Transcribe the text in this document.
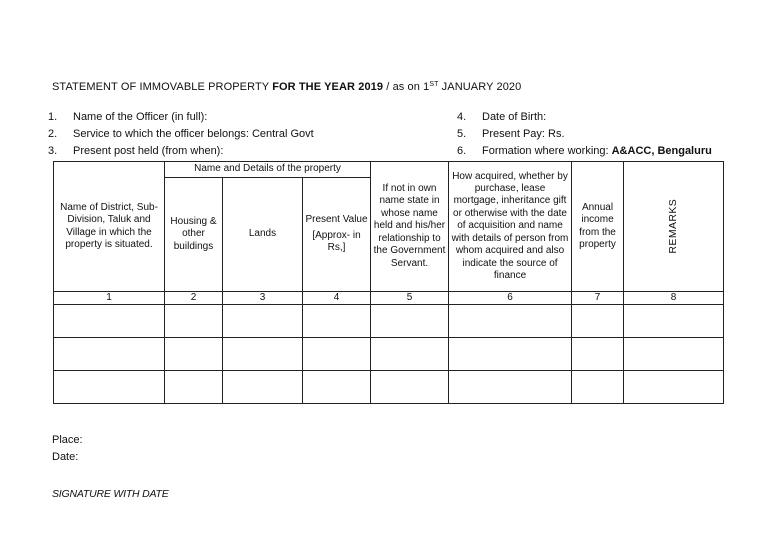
STATEMENT OF IMMOVABLE PROPERTY FOR THE YEAR 2019 / as on 1ST JANUARY 2020
1. Name of the Officer (in full):
2. Service to which the officer belongs: Central Govt
3. Present post held (from when):
4. Date of Birth:
5. Present Pay: Rs.
6. Formation where working: A&ACC, Bengaluru
Name of District, Sub-Division, Taluk and Village in which the property is situated.	Name and Details of the property			If not in own name state in whose name held and his/her relationship to the Government Servant.	How acquired, whether by purchase, lease mortgage, inheritance gift or otherwise with the date of acquisition and name with details of person from whom acquired and also indicate the source of finance	Annual income from the property	REMARKS
	Housing & other buildings	Lands	Present Value
[Approx- in Rs,]				

1	2	3	4	5	6	7	8

Place:
Date:
SIGNATURE WITH DATE
